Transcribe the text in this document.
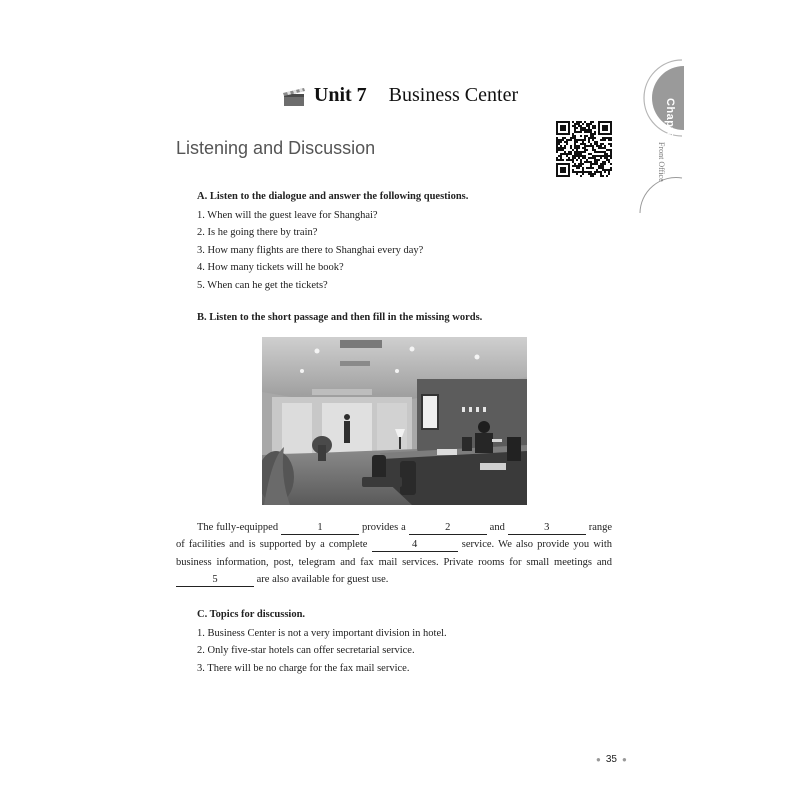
Unit 7 Business Center
Listening and Discussion	Chapter 2
Front Office
A. Listen to the dialogue and answer the following questions.
1. When will the guest leave for Shanghai?
2. Is he going there by train?
3. How many flights are there to Shanghai every day?
4. How many tickets will he book?
5. When can he get the tickets?
B. Listen to the short passage and then fill in the missing words.
The fully-equipped	1	provides a	2	and	3	range of facilities and is supported by a complete	4	service. We also provide you with business information, post, telegram and fax mail services. Private rooms for small meetings and 5	are also available for guest use.
C. Topics for discussion.
1. Business Center is not a very important division in hotel.
2. Only five-star hotels can offer secretarial service.
3. There will be no charge for the fax mail service.
● 35 ●
